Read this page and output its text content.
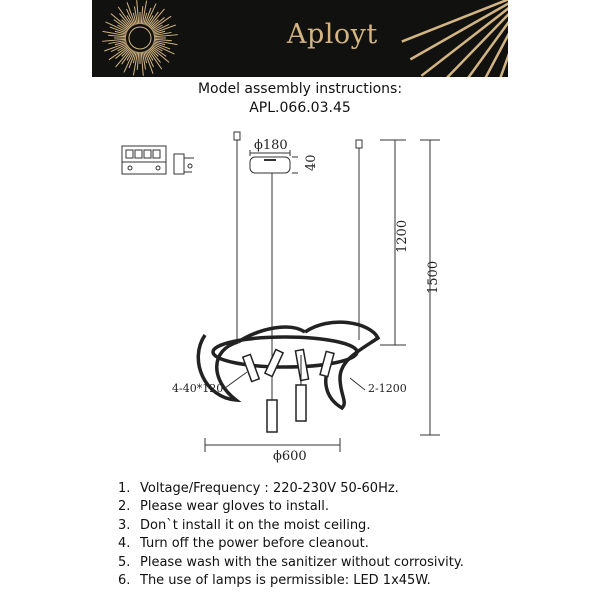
Aployt
Model assembly instructions:
APL.066.03.45
ϕ180
40
1200
1500
4-40*120	2-1200
ϕ600
1. Voltage/Frequency : 220-230V 50-60Hz.
2. Please wear gloves to install.
3. Don`t install it on the moist ceiling.
4. Turn off the power before cleanout.
5. Please wash with the sanitizer without corrosivity.
6. The use of lamps is permissible: LED 1x45W.
